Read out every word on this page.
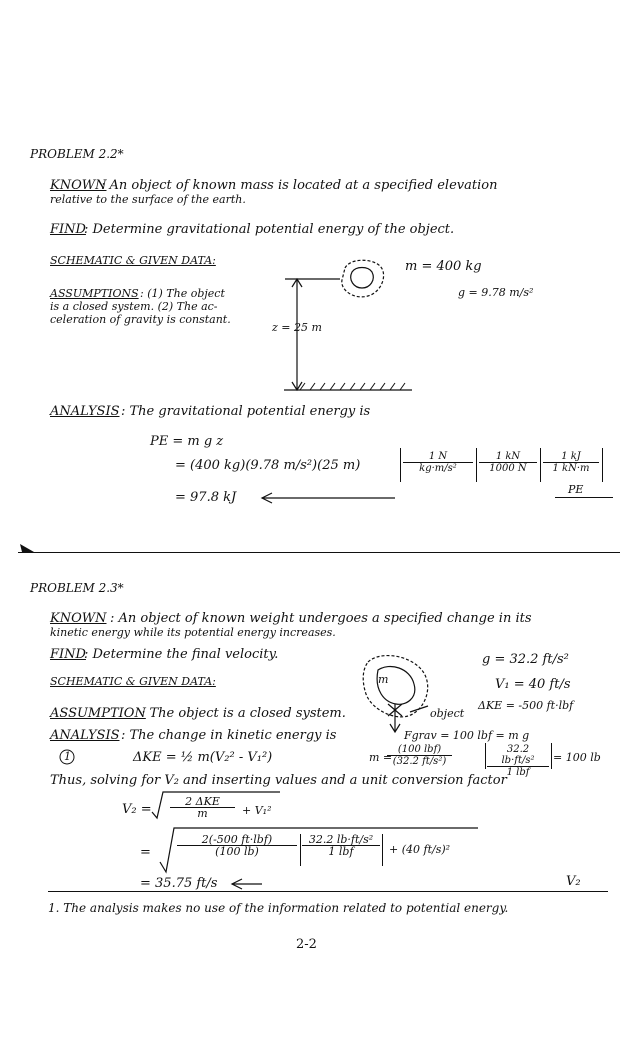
PROBLEM 2.2*
KNOWN
: An object of known mass is located at a specified elevation
relative to the surface of the earth.
FIND
: Determine gravitational potential energy of the object.
SCHEMATIC & GIVEN DATA:	m = 400 kg
g = 9.78 m/s²
ASSUMPTIONS : (1) The object
is a closed system. (2) The ac-
celeration of gravity is constant.
z = 25 m
ANALYSIS : The gravitational potential energy is
PE = m g z
= (400 kg)(9.78 m/s²)(25 m)	$\frac{1 N}{\text{kg·m/s²}} \frac{1 kN}{1000 N} \frac{1 kJ}{1 kN\cdot m}$
= 97.8 kJ
PE
PROBLEM 2.3*
KNOWN : An object of known weight undergoes a specified change in its
kinetic energy while its potential energy increases.
FIND
: Determine the final velocity.
SCHEMATIC & GIVEN DATA:
g = 32.2 ft/s²
V₁ = 40 ft/s
ΔKE = -500 ft·lbf
m
object
ASSUMPTION
: The object is a closed system.
ANALYSIS : The change in kinetic energy is	Fgrav = 100 lbf = m g
1	ΔKE = ½ m(V₂² - V₁²)	m =
(100 lbf)
(32.2 ft/s²)
32.2 lb·ft/s²
1 lbf
= 100 lb
Thus, solving for V₂ and inserting values and a unit conversion factor
V₂ =
2 ΔKE
m	+ V₁²
=
2(-500 ft·lbf)
(100 lb)
32.2 lb·ft/s²
1 lbf	+ (40 ft/s)²
= 35.75 ft/s	V₂
1. The analysis makes no use of the information related to potential energy.
2-2
